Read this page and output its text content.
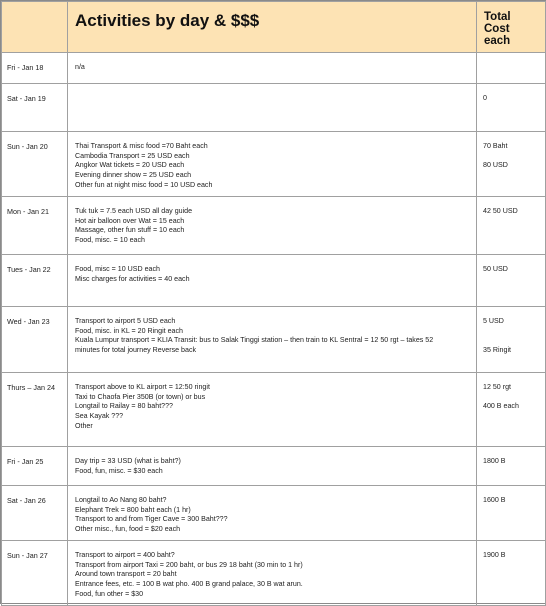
	Activities by day & $$$	Total
Cost
each

Fri - Jan 18	n/a	

Sat - Jan 19		0

Sun - Jan 20	Thai Transport & misc food =70 Baht each
Cambodia Transport = 25 USD each
Angkor Wat tickets = 20 USD each
Evening dinner show = 25 USD each
Other fun at night misc food = 10 USD each	70 Baht
80 USD

Mon - Jan 21	Tuk tuk = 7.5 each USD all day guide
Hot air balloon over Wat = 15 each
Massage, other fun stuff = 10 each
Food, misc. = 10 each	42 50 USD

Tues - Jan 22	Food, misc = 10 USD each
Misc charges for activities = 40 each	50 USD

Wed - Jan 23	Transport to airport 5 USD each
Food, misc. in KL = 20 Ringit each
Kuala Lumpur transport = KLIA Transit: bus to Salak Tinggi station – then train to KL Sentral = 12 50 rgt – takes 52
minutes for total journey Reverse back	5 USD
35 Ringit

Thurs – Jan 24	Transport above to KL airport = 12:50 ringit
Taxi to Chaofa Pier 350B (or town) or bus
Longtail to Railay = 80 baht???
Sea Kayak ???
Other	12 50 rgt
400 B each

Fri - Jan 25	Day trip = 33 USD (what is baht?)
Food, fun, misc. = $30 each	1800 B

Sat - Jan 26	Longtail to Ao Nang 80 baht?
Elephant Trek = 800 baht each (1 hr)
Transport to and from Tiger Cave = 300 Baht???
Other misc., fun, food = $20 each	1600 B

Sun - Jan 27	Transport to airport = 400 baht?
Transport from airport Taxi = 200 baht, or bus 29 18 baht (30 min to 1 hr)
Around town transport = 20 baht
Entrance fees, etc. = 100 B wat pho. 400 B grand palace, 30 B wat arun.
Food, fun other = $30	1900 B
